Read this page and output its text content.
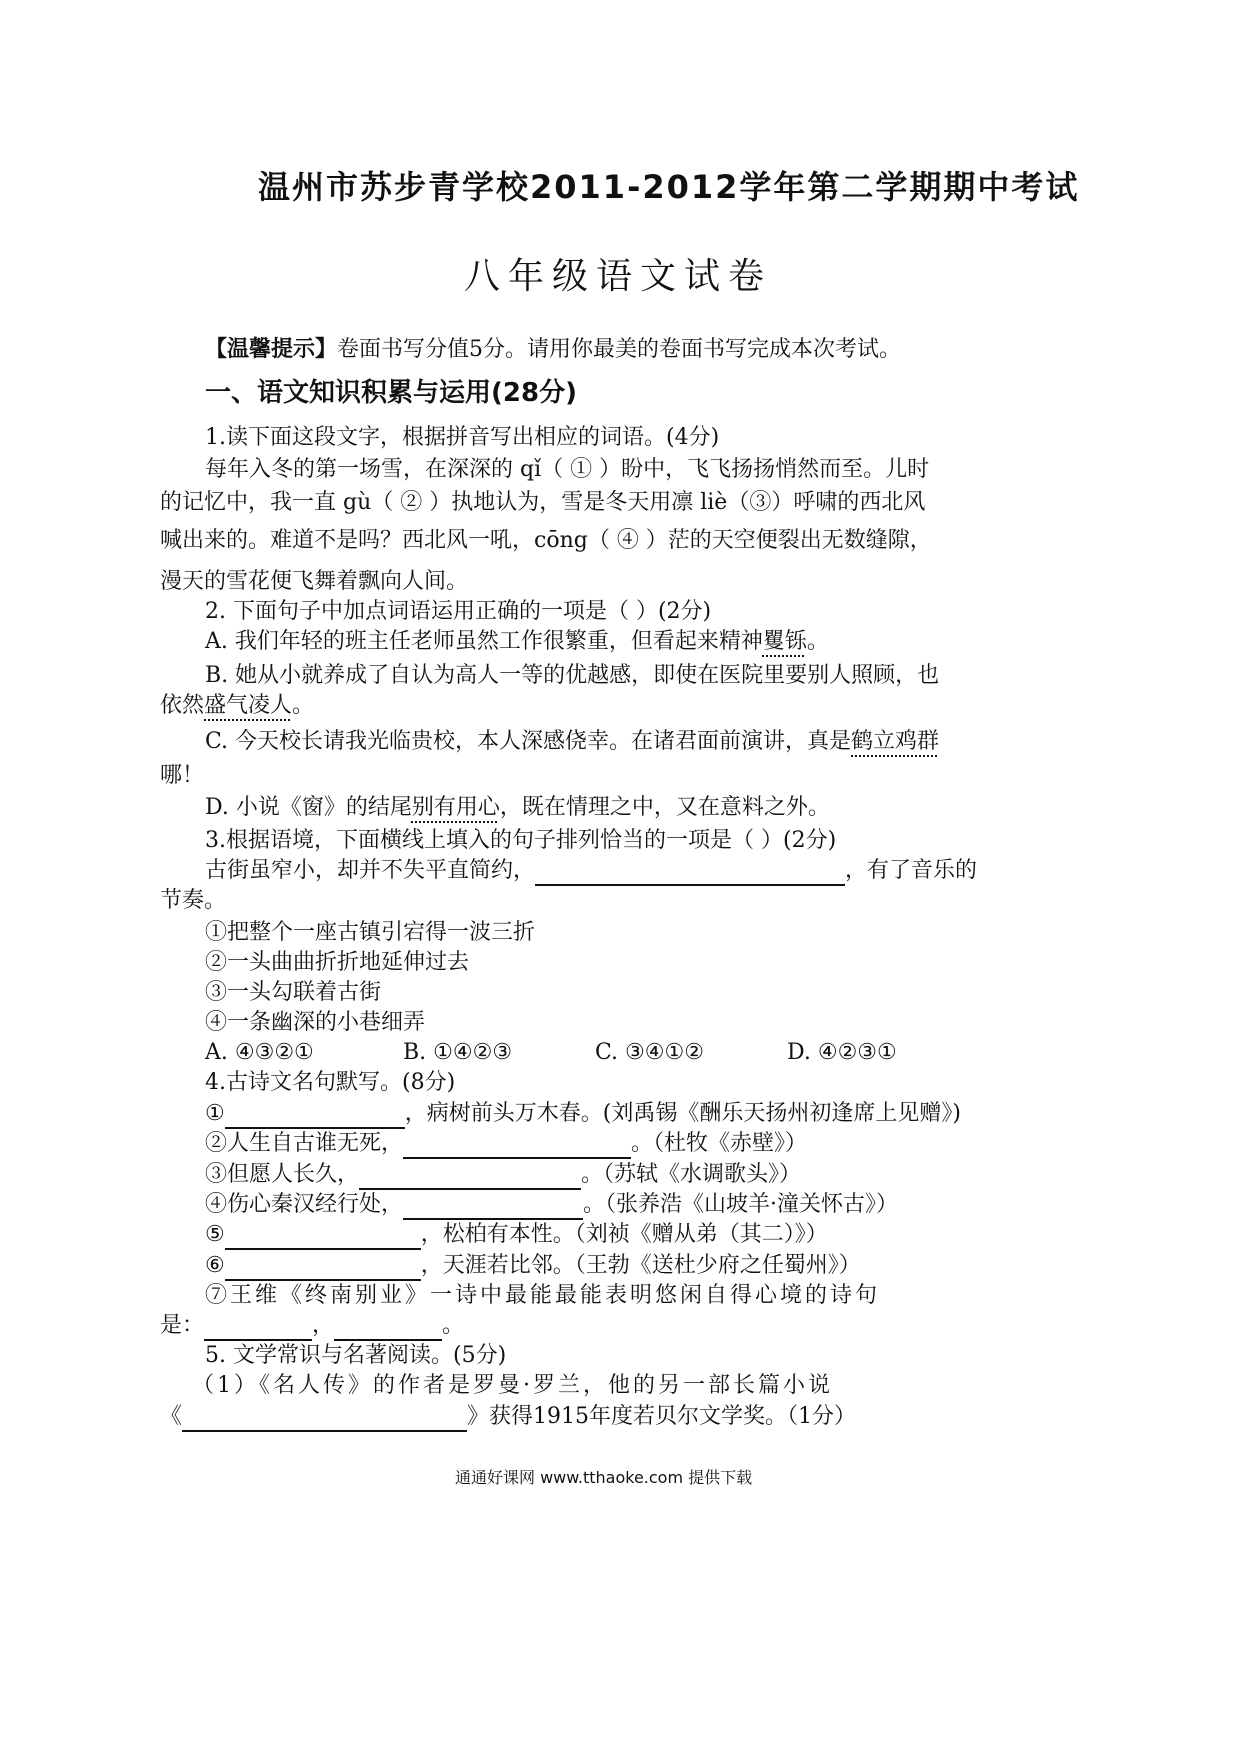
温州市苏步青学校2011-2012学年第二学期期中考试
八年级语文试卷
【温馨提示】卷面书写分值5分。请用你最美的卷面书写完成本次考试。
一、语文知识积累与运用(28分)
1.读下面这段文字，根据拼音写出相应的词语。(4分)
每年入冬的第一场雪，在深深的 qǐ（ ① ）盼中，飞飞扬扬悄然而至。儿时
的记忆中，我一直 gù（ ② ）执地认为，雪是冬天用凛 liè（③）呼啸的西北风
喊出来的。难道不是吗？西北风一吼，cōng（ ④ ）茫的天空便裂出无数缝隙，
漫天的雪花便飞舞着飘向人间。
2. 下面句子中加点词语运用正确的一项是（ ）(2分)
A. 我们年轻的班主任老师虽然工作很繁重，但看起来精神矍铄。
B. 她从小就养成了自认为高人一等的优越感，即使在医院里要别人照顾，也
依然盛气凌人。
C. 今天校长请我光临贵校，本人深感侥幸。在诸君面前演讲，真是鹤立鸡群
哪！
D. 小说《窗》的结尾别有用心，既在情理之中，又在意料之外。
3.根据语境，下面横线上填入的句子排列恰当的一项是（ ）(2分)
古街虽窄小，却并不失平直简约，	，有了音乐的
节奏。
①把整个一座古镇引宕得一波三折
②一头曲曲折折地延伸过去
③一头勾联着古街
④一条幽深的小巷细弄
A. ④③②①	B. ①④②③	C. ③④①②	D. ④②③①
4.古诗文名句默写。(8分)
①	，病树前头万木春。(刘禹锡《酬乐天扬州初逢席上见赠》)
②人生自古谁无死，	。（杜牧《赤壁》）
③但愿人长久，	。（苏轼《水调歌头》）
④伤心秦汉经行处，	。（张养浩《山坡羊·潼关怀古》）
⑤	，松柏有本性。（刘祯《赠从弟（其二）》）
⑥	，天涯若比邻。（王勃《送杜少府之任蜀州》）
⑦王维《终南别业》一诗中最能最能表明悠闲自得心境的诗句
是：	，	。
5. 文学常识与名著阅读。(5分)
（1）《名人传》的作者是罗曼·罗兰，他的另一部长篇小说
《	》获得1915年度若贝尔文学奖。（1分）
通通好课网 www.tthaoke.com 提供下载
